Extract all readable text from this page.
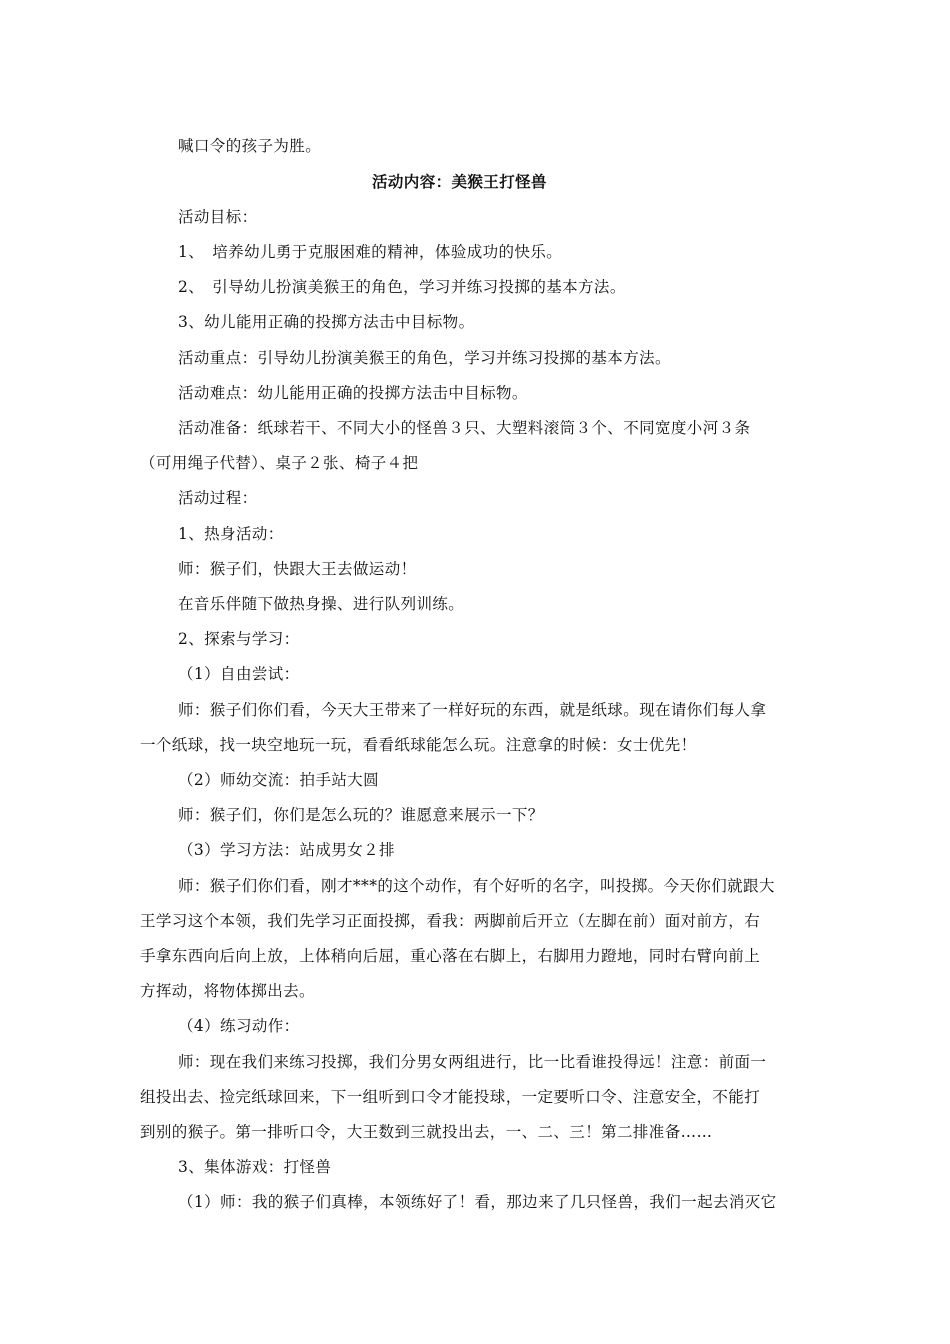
喊口令的孩子为胜。
活动内容：美猴王打怪兽
活动目标：
1、　培养幼儿勇于克服困难的精神，体验成功的快乐。
2、　引导幼儿扮演美猴王的角色，学习并练习投掷的基本方法。
3、幼儿能用正确的投掷方法击中目标物。
活动重点：引导幼儿扮演美猴王的角色，学习并练习投掷的基本方法。
活动难点：幼儿能用正确的投掷方法击中目标物。
活动准备：纸球若干、不同大小的怪兽３只、大塑料滚筒３个、不同宽度小河３条
（可用绳子代替）、桌子２张、椅子４把
活动过程：
1、热身活动：
师：猴子们，快跟大王去做运动！
在音乐伴随下做热身操、进行队列训练。
2、探索与学习：
（1）自由尝试：
师：猴子们你们看，今天大王带来了一样好玩的东西，就是纸球。现在请你们每人拿
一个纸球，找一块空地玩一玩，看看纸球能怎么玩。注意拿的时候：女士优先！
（2）师幼交流：拍手站大圆
师：猴子们，你们是怎么玩的？谁愿意来展示一下？
（3）学习方法：站成男女２排
师：猴子们你们看，刚才***的这个动作，有个好听的名字，叫投掷。今天你们就跟大
王学习这个本领，我们先学习正面投掷，看我：两脚前后开立（左脚在前）面对前方，右
手拿东西向后向上放，上体稍向后屈，重心落在右脚上，右脚用力蹬地，同时右臂向前上
方挥动，将物体掷出去。
（4）练习动作：
师：现在我们来练习投掷，我们分男女两组进行，比一比看谁投得远！注意：前面一
组投出去、捡完纸球回来，下一组听到口令才能投球，一定要听口令、注意安全，不能打
到别的猴子。第一排听口令，大王数到三就投出去，一、二、三！第二排准备……
3、集体游戏：打怪兽
（1）师：我的猴子们真棒，本领练好了！看，那边来了几只怪兽，我们一起去消灭它
